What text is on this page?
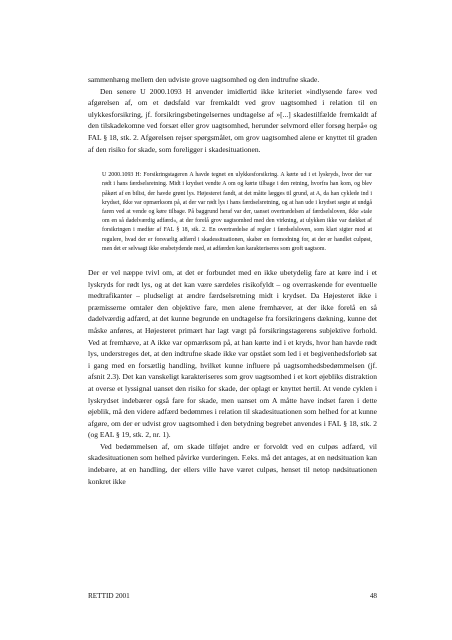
sammenhæng mellem den udviste grove uagtsomhed og den indtrufne skade.

Den senere U 2000.1093 H anvender imidlertid ikke kriteriet »indlysende fare« ved afgørelsen af, om et dødsfald var fremkaldt ved grov uagtsomhed i relation til en ulykkesforsikring, jf. forsikringsbetingelsernes undtagelse af »[...] skadestilfælde fremkaldt af den tilskadekomne ved forsæt eller grov uagtsomhed, herunder selvmord eller forsøg herpå« og FAL § 18, stk. 2. Afgørelsen rejser spørgsmålet, om grov uagtsomhed alene er knyttet til graden af den risiko for skade, som foreligger i skadesituationen.

U 2000.1093 H: Forsikringstageren A havde tegnet en ulykkesforsikring. A kørte ud i et lyskryds, hvor der var rødt i hans færdselsretning. Midt i krydset vendte A om og kørte tilbage i den retning, hvorfra han kom, og blev påkørt af en bilist, der havde grønt lys. Højesteret fandt, at det måtte lægges til grund, at A, da han cyklede ind i krydset, ikke var opmærksom på, at der var rødt lys i hans færdselsretning, og at han ude i krydset søgte at undgå faren ved at vende og køre tilbage. På baggrund heraf var der, uanset overtrædelsen af færdselsloven, ikke »tale om en så dadelværdig adfærd«, at der forelå grov uagtsomhed med den virkning, at ulykken ikke var dækket af forsikringen i medfør af FAL § 18, stk. 2. En overtrædelse af regler i færdselsloven, som klart sigter mod at regulere, hvad der er forsvarlig adfærd i skadessituationen, skaber en formodning for, at der er handlet culpøst, men det er selvsagt ikke ensbetydende med, at adfærden kan karakteriseres som groft uagtsom.

Der er vel næppe tvivl om, at det er forbundet med en ikke ubetydelig fare at køre ind i et lyskryds for rødt lys, og at det kan være særdeles risikofyldt – og overraskende for eventuelle medtrafikanter – pludseligt at ændre færdselsretning midt i krydset. Da Højesteret ikke i præmisserne omtaler den objektive fare, men alene fremhæver, at der ikke forelå en så dadelværdig adfærd, at det kunne begrunde en undtagelse fra forsikringens dækning, kunne det måske anføres, at Højesteret primært har lagt vægt på forsikringstagerens subjektive forhold. Ved at fremhæve, at A ikke var opmærksom på, at han kørte ind i et kryds, hvor han havde rødt lys, understreges det, at den indtrufne skade ikke var opstået som led i et begivenhedsforløb sat i gang med en forsætlig handling, hvilket kunne influere på uagtsomhedsbedømmelsen (jf. afsnit 2.3). Det kan vanskeligt karakteriseres som grov uagtsomhed i et kort øjebliks distraktion at overse et lyssignal uanset den risiko for skade, der oplagt er knyttet hertil. At vende cyklen i lyskrydset indebærer også fare for skade, men uanset om A måtte have indset faren i dette øjeblik, må den videre adfærd bedømmes i relation til skadesituationen som helhed for at kunne afgøre, om der er udvist grov uagtsomhed i den betydning begrebet anvendes i FAL § 18, stk. 2 (og EAL § 19, stk. 2, nr. 1).

Ved bedømmelsen af, om skade tilføjet andre er forvoldt ved en culpøs adfærd, vil skadesituationen som helhed påvirke vurderingen. F.eks. må det antages, at en nødsituation kan indebære, at en handling, der ellers ville have været culpøs, henset til netop nødsituationen konkret ikke

RETTID 2001	48
